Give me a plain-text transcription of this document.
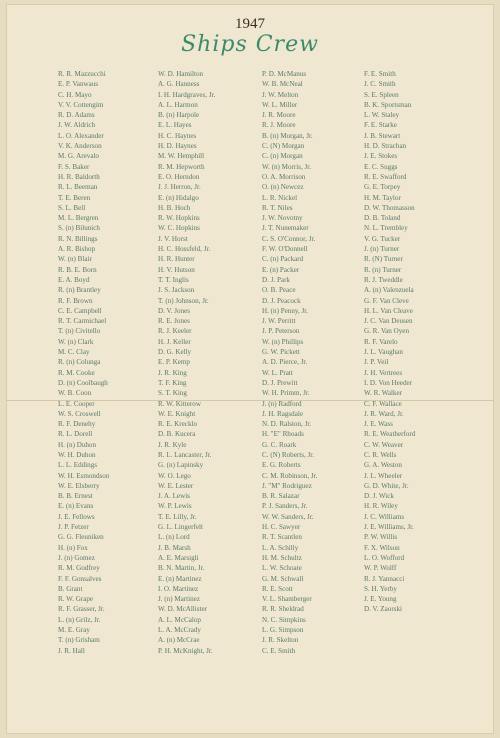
1947
Ships Crew
R. R. Mazzucchi
E. P. Vanwaus
C. H. Mayo
V. V. Cottengim
R. D. Adams
J. W. Aldrich
L. O. Alexander
V. K. Anderson
M. G. Arevalo
F. S. Baker
H. R. Baldorth
R. L. Beeman
T. E. Beren
S. L. Bell
M. L. Bergren
S. (n) Bilunich
R. N. Billings
A. R. Bishop
W. (n) Blair
R. B. E. Born
E. A. Boyd
R. (n) Brantley
R. F. Brown
C. E. Campbell
R. T. Carmichael
T. (n) Civitello
W. (n) Clark
M. C. Clay
R. (n) Colunga
R. M. Cooke
D. (n) Coolbaugh
W. B. Coon
L. E. Cooper
W. S. Croswell
R. F. Denehy
R. L. Dorell
H. (n) Duhon
W. H. Duhon
L. L. Eddings
W. H. Esmondson
W. E. Elsberry
B. B. Ernest
E. (n) Evans
J. E. Fellows
J. P. Fetzer
G. G. Fleuniken
H. (n) Fox
J. (n) Gomez
R. M. Godfrey
F. F. Gonsalves
B. Grant
R. W. Grape
R. F. Grasser, Jr.
L. (n) Grilz, Jr.
M. E. Gray
T. (n) Grisham
J. R. Hall
W. D. Hamilton
A. G. Hanness
I. H. Hardgraves, Jr.
A. L. Harmon
B. (n) Harpole
E. L. Hayes
H. C. Haynes
H. D. Haynes
M. W. Hemphill
R. M. Hepworth
E. O. Herndon
J. J. Herron, Jr.
E. (n) Hidalgo
H. B. Hoch
R. W. Hopkins
W. C. Hopkins
J. V. Horst
H. C. Hossfeld, Jr.
H. R. Hunter
H. V. Hutson
T. T. Inglis
J. S. Jackson
T. (n) Johnson, Jr.
D. V. Jones
R. E. Jones
R. J. Keeler
H. J. Keller
D. G. Kelly
E. P. Kemp
J. R. King
T. F. King
S. T. King
R. W. Kitterow
W. E. Knight
R. E. Krecklo
D. B. Kucera
J. R. Kyle
R. L. Lancaster, Jr.
G. (n) Lapinsky
W. O. Lego
W. E. Lester
J. A. Lewis
W. P. Lewis
T. E. Lilly, Jr.
G. L. Lingerfelt
L. (n) Lord
J. B. Marsh
A. E. Marsigli
B. N. Martin, Jr.
E. (n) Martinez
I. O. Martinez
J. (n) Martinez
W. D. McAllister
A. L. McCalop
L. A. McCrady
A. (n) McCrae
P. H. McKnight, Jr.
P. D. McManus
W. B. McNeal
J. W. Melton
W. L. Miller
J. R. Moore
R. J. Moore
B. (n) Morgan, Jr.
C. (N) Morgan
C. (n) Morgan
W. (n) Morris, Jr.
O. A. Morrison
O. (n) Newcez
L. R. Nickel
R. T. Niles
J. W. Novotny
J. T. Nunemaker
C. S. O'Connor, Jr.
F. W. O'Donnell
C. (n) Packard
E. (n) Packer
D. J. Park
O. B. Peace
D. J. Peacock
H. (n) Penny, Jr.
J. W. Perritt
J. P. Peterson
W. (n) Phillips
G. W. Pickett
A. D. Pierce, Jr.
W. L. Pratt
D. J. Prewitt
W. H. Primm, Jr.
J. (n) Radford
J. H. Ragsdale
N. D. Ralston, Jr.
H. "E" Rhoads
G. C. Roark
C. (N) Roberts, Jr.
E. G. Roberts
C. M. Robinson, Jr.
J. "M" Rodriguez
B. R. Salazar
P. J. Sanders, Jr.
W. W. Sanders, Jr.
H. C. Sawyer
R. T. Scantlen
L. A. Schilly
H. M. Schultz
L. W. Schoate
G. M. Schwall
R. E. Scott
V. L. Shamberger
R. R. Sheldrad
N. C. Simpkins
L. G. Simpson
J. R. Skelton
C. E. Smith
F. E. Smith
J. C. Smith
S. E. Spleen
B. K. Sportsman
L. W. Staley
F. E. Starke
J. B. Stewart
H. D. Strachan
J. E. Stokes
E. C. Suggs
R. E. Swafford
G. E. Torpey
H. M. Taylor
D. W. Thomasson
D. B. Toland
N. L. Trembley
V. G. Tucker
J. (n) Turner
R. (N) Turner
R. (n) Turner
R. J. Tweddle
A. (n) Valenzuela
G. F. Van Cleve
H. L. Van Cleave
J. C. Van Deusen
G. R. Van Oyen
R. F. Varelo
J. L. Vaughan
J. P. Veil
J. H. Vertrees
I. D. Von Heeder
W. R. Walker
C. F. Wallace
J. R. Ward, Jr.
J. E. Wass
R. E. Weatherford
C. W. Weaver
C. R. Wells
G. A. Weston
J. L. Wheeler
G. D. White, Jr.
D. J. Wick
H. R. Wiley
J. C. Williams
J. E. Williams, Jr.
P. W. Willis
F. X. Wilson
L. O. Wofford
W. P. Wolff
R. J. Yannacci
S. H. Yerby
J. E. Young
D. V. Zaorski
